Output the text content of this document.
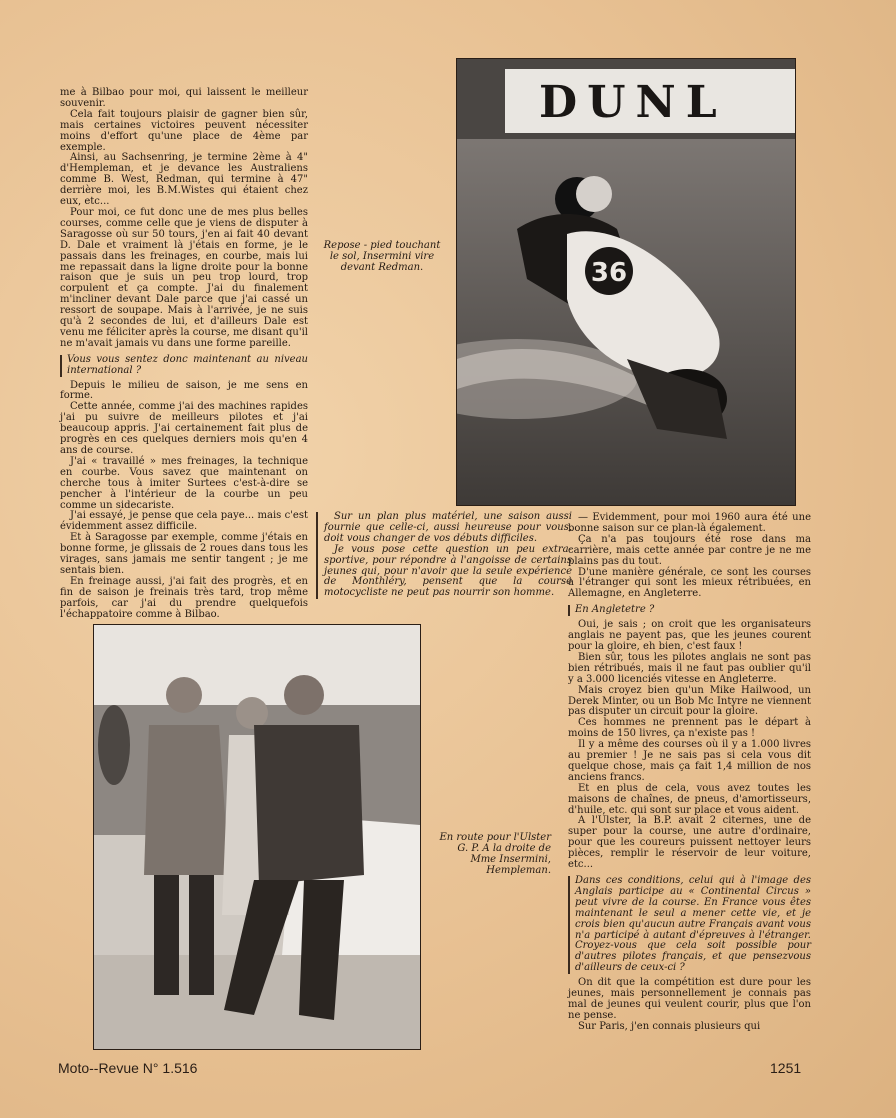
me à Bilbao pour moi, qui laissent le meilleur souvenir.

Cela fait toujours plaisir de gagner bien sûr, mais certaines victoires peuvent nécessiter moins d'effort qu'une place de 4ème par exemple.

Ainsi, au Sachsenring, je termine 2ème à 4" d'Hempleman, et je devance les Australiens comme B. West, Redman, qui termine à 47" derrière moi, les B.M.Wistes qui étaient chez eux, etc...

Pour moi, ce fut donc une de mes plus belles courses, comme celle que je viens de disputer à Saragosse où sur 50 tours, j'en ai fait 40 devant D. Dale et vraiment là j'étais en forme, je le passais dans les freinages, en courbe, mais lui me repassait dans la ligne droite pour la bonne raison que je suis un peu trop lourd, trop corpulent et ça compte. J'ai du finalement m'incliner devant Dale parce que j'ai cassé un ressort de soupape. Mais à l'arrivée, je ne suis qu'à 2 secondes de lui, et d'ailleurs Dale est venu me féliciter après la course, me disant qu'il ne m'avait jamais vu dans une forme pareille.

Vous vous sentez donc maintenant au niveau international ?

Depuis le milieu de saison, je me sens en forme.

Cette année, comme j'ai des machines rapides j'ai pu suivre de meilleurs pilotes et j'ai beaucoup appris. J'ai certainement fait plus de progrès en ces quelques derniers mois qu'en 4 ans de course.

J'ai « travaillé » mes freinages, la technique en courbe. Vous savez que maintenant on cherche tous à imiter Surtees c'est-à-dire se pencher à l'intérieur de la courbe un peu comme un sidecariste.

J'ai essayé, je pense que cela paye... mais c'est évidemment assez difficile.

Et à Saragosse par exemple, comme j'étais en bonne forme, je glissais de 2 roues dans tous les virages, sans jamais me sentir tangent ; je me sentais bien.

En freinage aussi, j'ai fait des progrès, et en fin de saison je freinais très tard, trop même parfois, car j'ai du prendre quelquefois l'échappatoire comme à Bilbao.

DUNL
36
Repose - pied touchant le sol, Insermini vire devant Redman.

Sur un plan plus matériel, une saison aussi fournie que celle-ci, aussi heureuse pour vous, doit vous changer de vos débuts difficiles.

Je vous pose cette question un peu extra-sportive, pour répondre à l'angoisse de certains jeunes qui, pour n'avoir que la seule expérience de Monthléry, pensent que la course motocycliste ne peut pas nourrir son homme.

— Evidemment, pour moi 1960 aura été une bonne saison sur ce plan-là également.

Ça n'a pas toujours été rose dans ma carrière, mais cette année par contre je ne me plains pas du tout.

D'une manière générale, ce sont les courses à l'étranger qui sont les mieux rétribuées, en Allemagne, en Angleterre.

En Angletetre ?

Oui, je sais ; on croit que les organisateurs anglais ne payent pas, que les jeunes courent pour la gloire, eh bien, c'est faux !

Bien sûr, tous les pilotes anglais ne sont pas bien rétribués, mais il ne faut pas oublier qu'il y a 3.000 licenciés vitesse en Angleterre.

Mais croyez bien qu'un Mike Hailwood, un Derek Minter, ou un Bob Mc Intyre ne viennent pas disputer un circuit pour la gloire.

Ces hommes ne prennent pas le départ à moins de 150 livres, ça n'existe pas !

Il y a même des courses où il y a 1.000 livres au premier ! Je ne sais pas si cela vous dit quelque chose, mais ça fait 1,4 million de nos anciens francs.

Et en plus de cela, vous avez toutes les maisons de chaînes, de pneus, d'amortisseurs, d'huile, etc. qui sont sur place et vous aident.

A l'Ulster, la B.P. avait 2 citernes, une de super pour la course, une autre d'ordinaire, pour que les coureurs puissent nettoyer leurs pièces, remplir le réservoir de leur voiture, etc...

Dans ces conditions, celui qui à l'image des Anglais participe au « Continental Circus » peut vivre de la course. En France vous êtes maintenant le seul a mener cette vie, et je crois bien qu'aucun autre Français avant vous n'a participé à autant d'épreuves à l'étranger. Croyez-vous que cela soit possible pour d'autres pilotes français, et que pensezvous d'ailleurs de ceux-ci ?

On dit que la compétition est dure pour les jeunes, mais personnellement je connais pas mal de jeunes qui veulent courir, plus que l'on ne pense.

Sur Paris, j'en connais plusieurs qui

En route pour l'Ulster G. P. A la droite de Mme Insermini, Hempleman.
Moto--Revue N° 1.516	1251
